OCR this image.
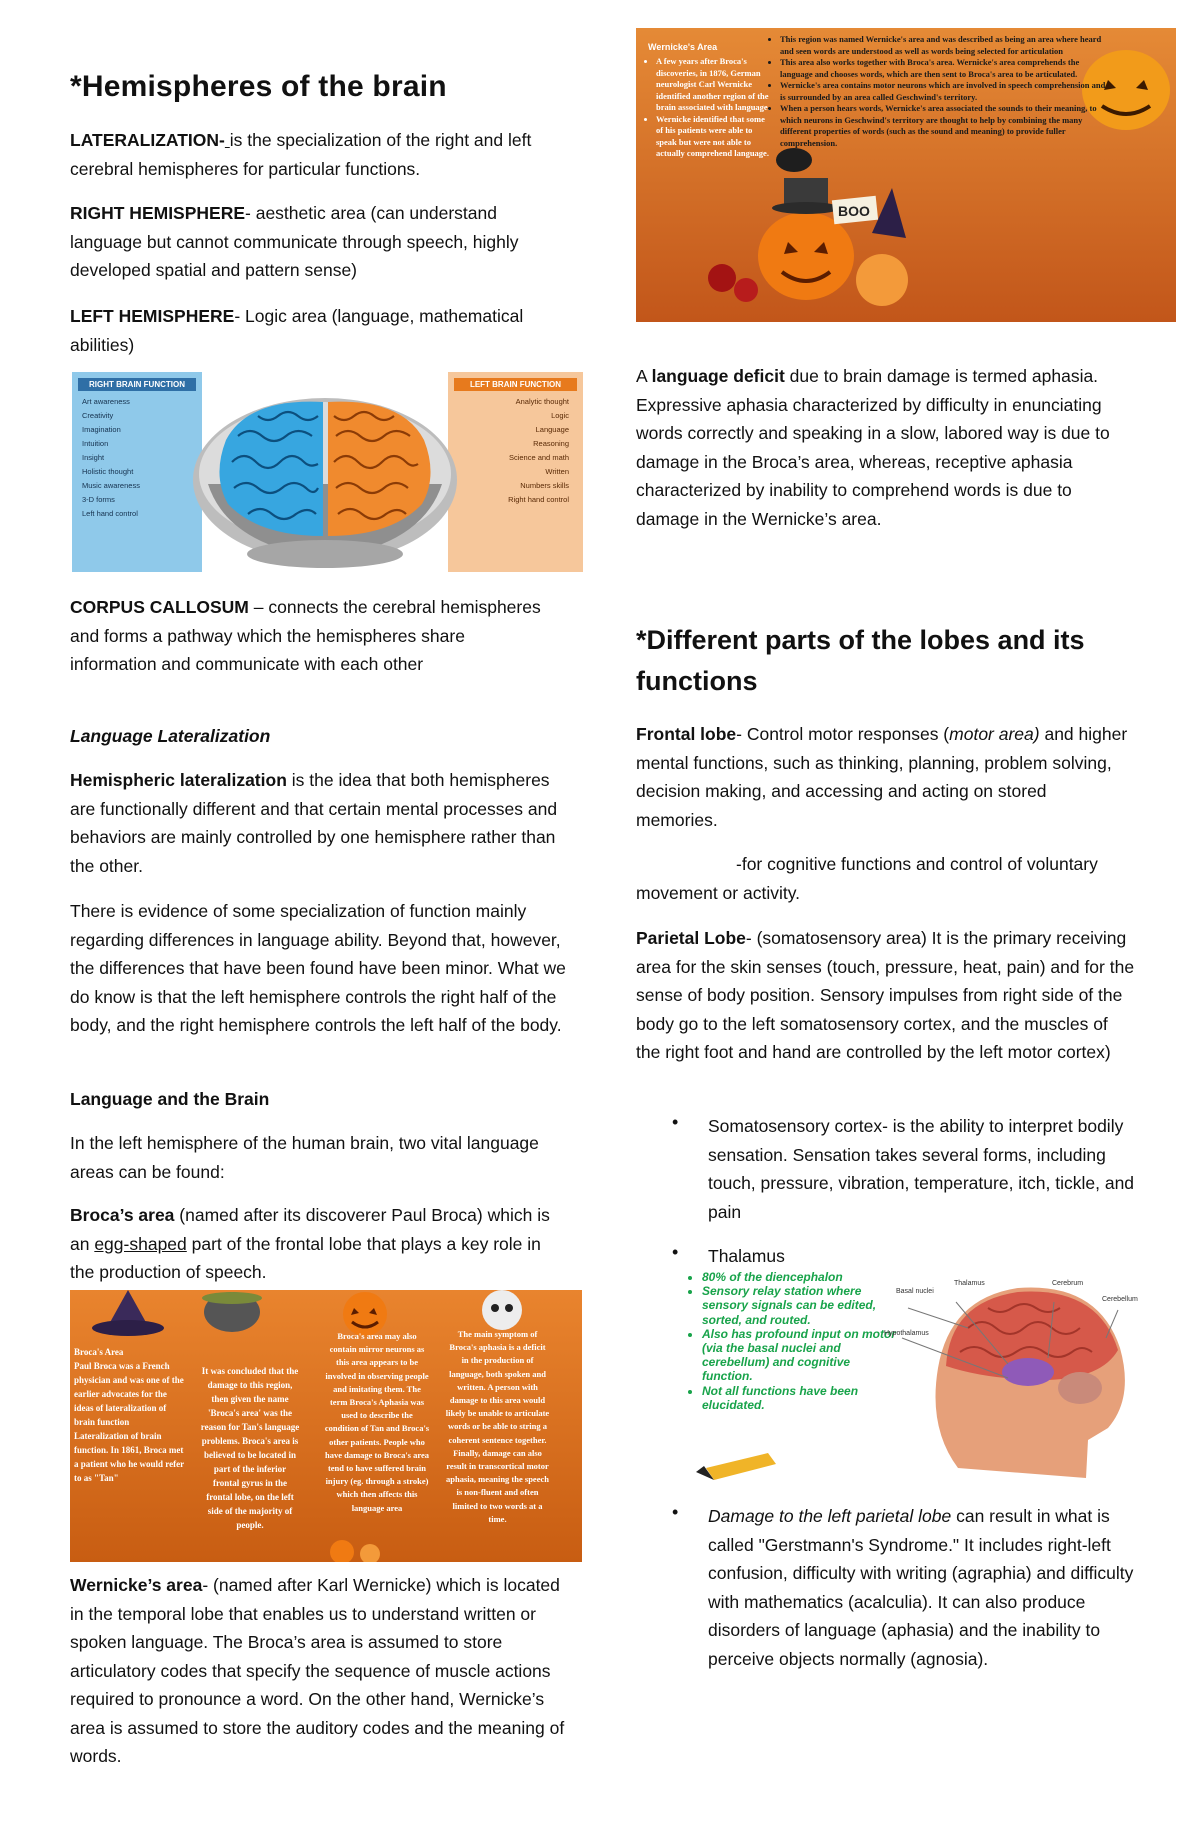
*Hemispheres of the brain

LATERALIZATION- is the specialization of the right and left cerebral hemispheres for particular functions.

RIGHT HEMISPHERE- aesthetic area (can understand language but cannot communicate through speech, highly developed spatial and pattern sense)

LEFT HEMISPHERE- Logic area (language, mathematical abilities)

RIGHT BRAIN FUNCTION
Art awareness
Creativity
Imagination
Intuition
Insight
Holistic thought
Music awareness
3-D forms
Left hand control
LEFT BRAIN FUNCTION
Analytic thought
Logic
Language
Reasoning
Science and math
Written
Numbers skills
Right hand control

CORPUS CALLOSUM – connects the cerebral hemispheres and forms a pathway which the hemispheres share information and communicate with each other

Language Lateralization

Hemispheric lateralization is the idea that both hemispheres are functionally different and that certain mental processes and behaviors are mainly controlled by one hemisphere rather than the other.

There is evidence of some specialization of function mainly regarding differences in language ability. Beyond that, however, the differences that have been found have been minor. What we do know is that the left hemisphere controls the right half of the body, and the right hemisphere controls the left half of the body.

Language and the Brain

In the left hemisphere of the human brain, two vital language areas can be found:

Broca’s area (named after its discoverer Paul Broca) which is an egg-shaped part of the frontal lobe that plays a key role in the production of speech.

Broca's Area
Paul Broca was a French physician and was one of the earlier advocates for the ideas of lateralization of brain function
Lateralization of brain function. In 1861, Broca met a patient who he would refer to as "Tan"
It was concluded that the damage to this region, then given the name 'Broca's area' was the reason for Tan's language problems. Broca's area is believed to be located in part of the inferior frontal gyrus in the frontal lobe, on the left side of the majority of people.
Broca's area may also contain mirror neurons as this area appears to be involved in observing people and imitating them. The term Broca's Aphasia was used to describe the condition of Tan and Broca's other patients. People who have damage to Broca's area tend to have suffered brain injury (eg. through a stroke) which then affects this language area
The main symptom of Broca's aphasia is a deficit in the production of language, both spoken and written. A person with damage to this area would likely be unable to articulate words or be able to string a coherent sentence together. Finally, damage can also result in transcortical motor aphasia, meaning the speech is non-fluent and often limited to two words at a time.

Wernicke’s area- (named after Karl Wernicke) which is located in the temporal lobe that enables us to understand written or spoken language. The Broca’s area is assumed to store articulatory codes that specify the sequence of muscle actions required to pronounce a word. On the other hand, Wernicke’s area is assumed to store the auditory codes and the meaning of words.

BOO
Wernicke's Area
• A few years after Broca's discoveries, in 1876, German neurologist Carl Wernicke identified another region of the brain associated with language.
• Wernicke identified that some of his patients were able to speak but were not able to actually comprehend language.
• This region was named Wernicke's area and was described as being an area where heard and seen words are understood as well as words being selected for articulation
• This area also works together with Broca's area. Wernicke's area comprehends the language and chooses words, which are then sent to Broca's area to be articulated.
• Wernicke's area contains motor neurons which are involved in speech comprehension and is surrounded by an area called Geschwind's territory.
• When a person hears words, Wernicke's area associated the sounds to their meaning, to which neurons in Geschwind's territory are thought to help by combining the many different properties of words (such as the sound and meaning) to provide fuller comprehension.

A language deficit due to brain damage is termed aphasia. Expressive aphasia characterized by difficulty in enunciating words correctly and speaking in a slow, labored way is due to damage in the Broca’s area, whereas, receptive aphasia characterized by inability to comprehend words is due to damage in the Wernicke’s area.

*Different parts of the lobes and its functions

Frontal lobe- Control motor responses (motor area) and higher mental functions, such as thinking, planning, problem solving, decision making, and accessing and acting on stored memories.

-for cognitive functions and control of voluntary movement or activity.

Parietal Lobe- (somatosensory area) It is the primary receiving area for the skin senses (touch, pressure, heat, pain) and for the sense of body position. Sensory impulses from right side of the body go to the left somatosensory cortex, and the muscles of the right foot and hand are controlled by the left motor cortex)

• Somatosensory cortex- is the ability to interpret bodily sensation. Sensation takes several forms, including touch, pressure, vibration, temperature, itch, tickle, and pain

• Thalamus

• 80% of the diencephalon
• Sensory relay station where sensory signals can be edited, sorted, and routed.
• Also has profound input on motor (via the basal nuclei and cerebellum) and cognitive function.
• Not all functions have been elucidated.
Basal nuclei
Thalamus	Cerebrum
Cerebellum
Hypothalamus
• Damage to the left parietal lobe can result in what is called "Gerstmann's Syndrome." It includes right-left confusion, difficulty with writing (agraphia) and difficulty with mathematics (acalculia). It can also produce disorders of language (aphasia) and the inability to perceive objects normally (agnosia).
